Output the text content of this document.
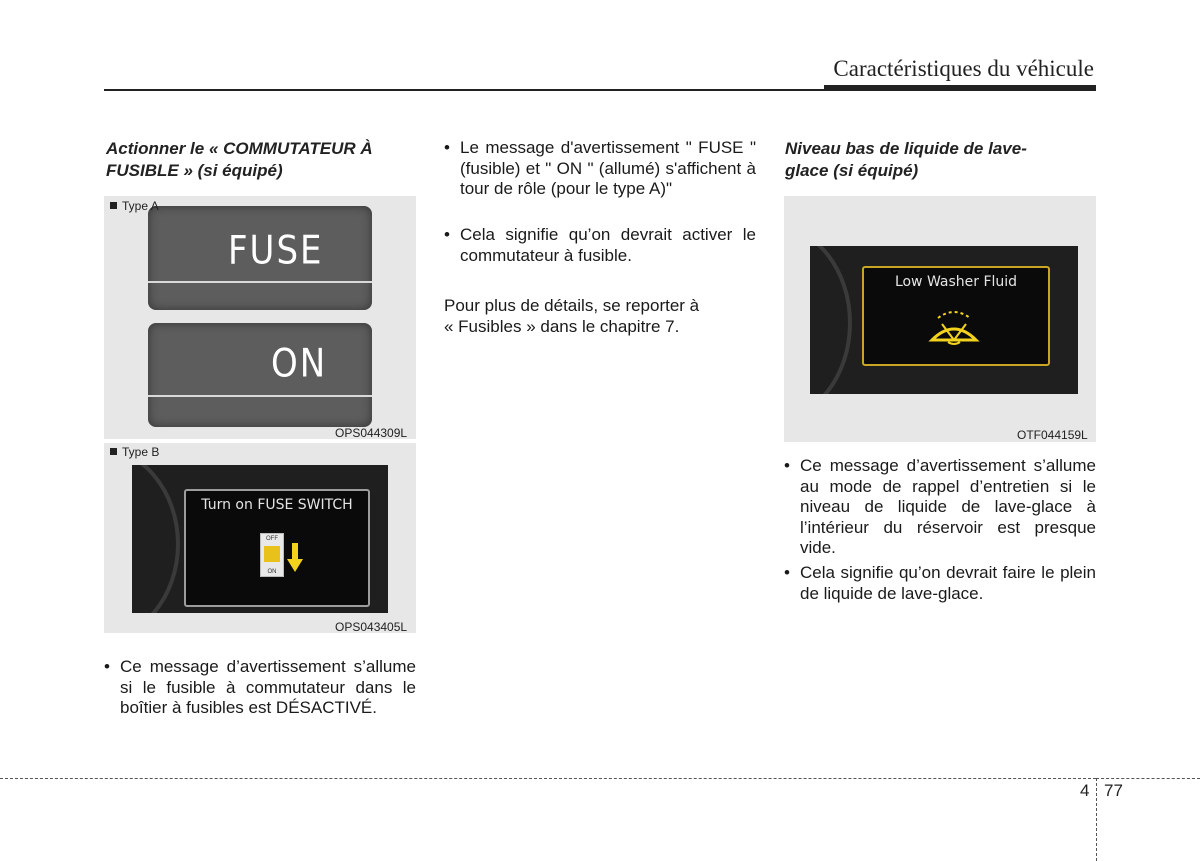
Caractéristiques du véhicule
Actionner le « COMMUTATEUR À
FUSIBLE » (si équipé)
FUSE
ON
Type A
OPS044309L
Turn on FUSE SWITCH
OFF
ON
Type B
OPS043405L
• Ce message d’avertissement s’allume si le fusible à commutateur dans le boîtier à fusibles est DÉSACTIVÉ.
• Le message d'avertissement " FUSE " (fusible) et " ON " (allumé) s'affichent à tour de rôle (pour le type A)"
• Cela signifie qu’on devrait activer le commutateur à fusible.
Pour plus de détails, se reporter à
« Fusibles » dans le chapitre 7.
Niveau bas de liquide de lave-
glace (si équipé)
Low Washer Fluid
OTF044159L
• Ce message d’avertissement s’allume au mode de rappel d’entretien si le niveau de liquide de lave-glace à l’intérieur du réservoir est presque vide.
• Cela signifie qu’on devrait faire le plein de liquide de lave-glace.
4 77
